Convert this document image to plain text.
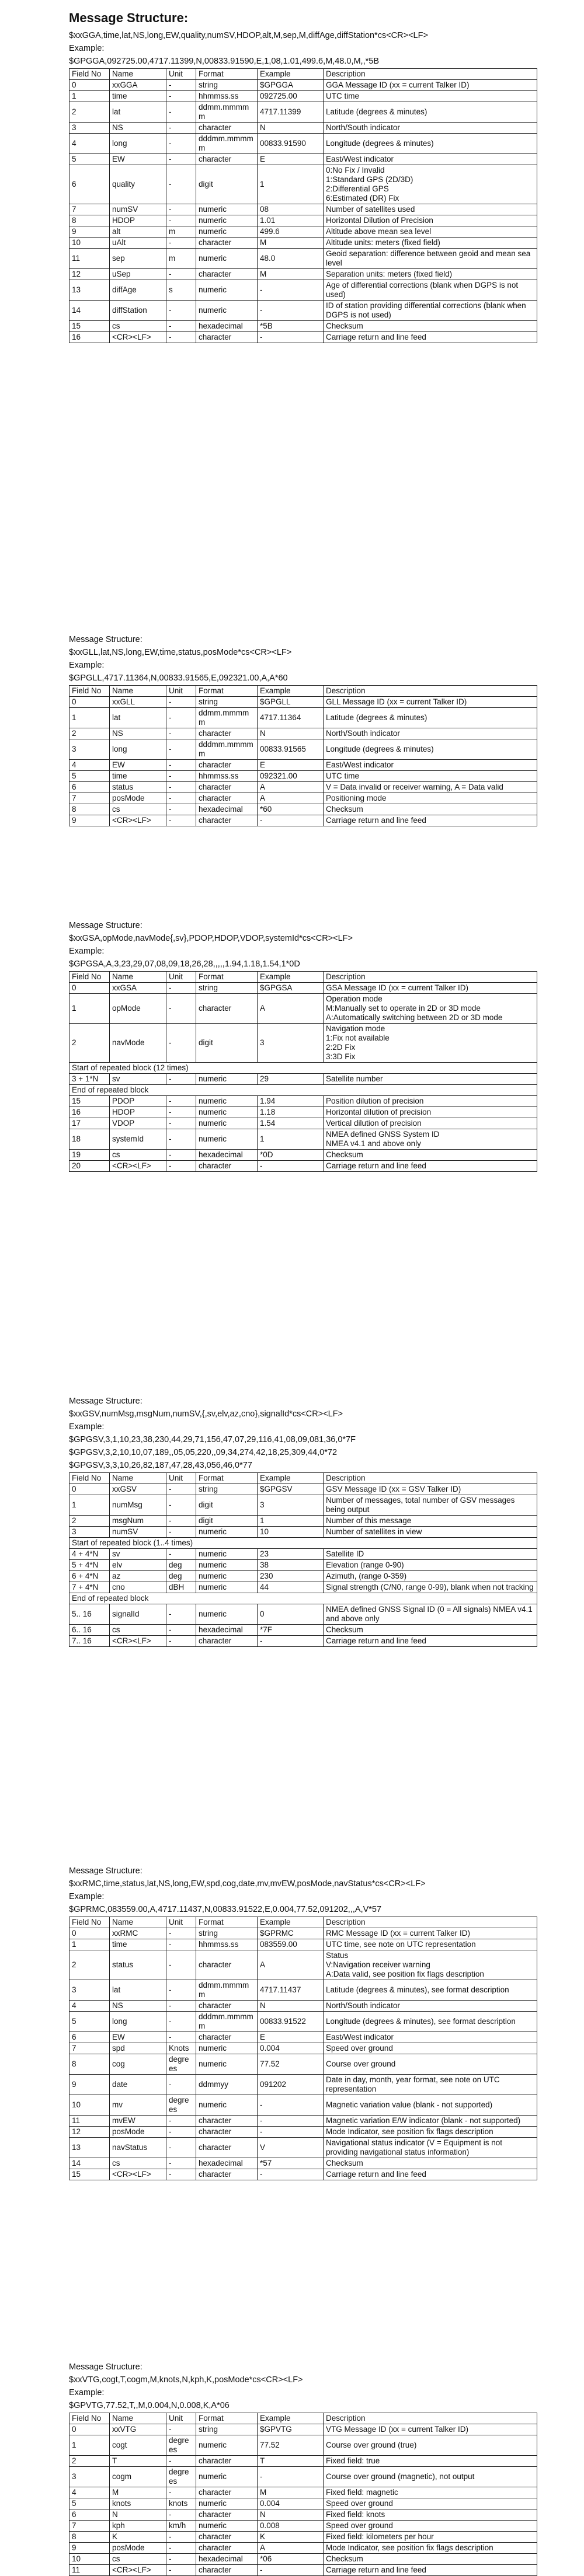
Message Structure:
$xxGGA,time,lat,NS,long,EW,quality,numSV,HDOP,alt,M,sep,M,diffAge,diffStation*cs<CR><LF>
Example:
$GPGGA,092725.00,4717.11399,N,00833.91590,E,1,08,1.01,499.6,M,48.0,M,,*5B
Field No	Name	Unit	Format	Example	Description
0	xxGGA	-	string	$GPGGA	GGA Message ID (xx = current Talker ID)

1	time	-	hhmmss.ss	092725.00	UTC time

2	lat	-	ddmm.mmmmm	4717.11399	Latitude (degrees & minutes)

3	NS	-	character	N	North/South indicator

4	long	-	dddmm.mmmmm	00833.91590	Longitude (degrees & minutes)

5	EW	-	character	E	East/West indicator

6	quality	-	digit	1	0:No Fix / Invalid
1:Standard GPS (2D/3D)
2:Differential GPS
6:Estimated (DR) Fix

7	numSV	-	numeric	08	Number of satellites used

8	HDOP	-	numeric	1.01	Horizontal Dilution of Precision

9	alt	m	numeric	499.6	Altitude above mean sea level

10	uAlt	-	character	M	Altitude units: meters (fixed field)

11	sep	m	numeric	48.0	Geoid separation: difference between geoid and mean sea level

12	uSep	-	character	M	Separation units: meters (fixed field)

13	diffAge	s	numeric	-	Age of differential corrections (blank when DGPS is not used)

14	diffStation	-	numeric	-	ID of station providing differential corrections (blank when DGPS is not used)

15	cs	-	hexadecimal	*5B	Checksum

16	<CR><LF>	-	character	-	Carriage return and line feed
Message Structure:
$xxGLL,lat,NS,long,EW,time,status,posMode*cs<CR><LF>
Example:
$GPGLL,4717.11364,N,00833.91565,E,092321.00,A,A*60
Field No	Name	Unit	Format	Example	Description
0	xxGLL	-	string	$GPGLL	GLL Message ID (xx = current Talker ID)

1	lat	-	ddmm.mmmmm	4717.11364	Latitude (degrees & minutes)

2	NS	-	character	N	North/South indicator

3	long	-	dddmm.mmmmm	00833.91565	Longitude (degrees & minutes)

4	EW	-	character	E	East/West indicator

5	time	-	hhmmss.ss	092321.00	UTC time

6	status	-	character	A	V = Data invalid or receiver warning, A = Data valid

7	posMode	-	character	A	Positioning mode

8	cs	-	hexadecimal	*60	Checksum

9	<CR><LF>	-	character	-	Carriage return and line feed
Message Structure:
$xxGSA,opMode,navMode{,sv},PDOP,HDOP,VDOP,systemId*cs<CR><LF>
Example:
$GPGSA,A,3,23,29,07,08,09,18,26,28,,,,,1.94,1.18,1.54,1*0D
Field No	Name	Unit	Format	Example	Description
0	xxGSA	-	string	$GPGSA	GSA Message ID (xx = current Talker ID)

1	opMode	-	character	A	Operation mode
M:Manually set to operate in 2D or 3D mode
A:Automatically switching between 2D or 3D mode

2	navMode	-	digit	3	Navigation mode
1:Fix not available
2:2D Fix
3:3D Fix

Start of repeated block (12 times)					
3 + 1*N	sv	-	numeric	29	Satellite number

End of repeated block					
15	PDOP	-	numeric	1.94	Position dilution of precision

16	HDOP	-	numeric	1.18	Horizontal dilution of precision

17	VDOP	-	numeric	1.54	Vertical dilution of precision

18	systemId	-	numeric	1	NMEA defined GNSS System ID
NMEA v4.1 and above only

19	cs	-	hexadecimal	*0D	Checksum

20	<CR><LF>	-	character	-	Carriage return and line feed
Message Structure:
$xxGSV,numMsg,msgNum,numSV,{,sv,elv,az,cno},signalId*cs<CR><LF>
Example:
$GPGSV,3,1,10,23,38,230,44,29,71,156,47,07,29,116,41,08,09,081,36,0*7F
$GPGSV,3,2,10,10,07,189,,05,05,220,,09,34,274,42,18,25,309,44,0*72
$GPGSV,3,3,10,26,82,187,47,28,43,056,46,0*77
Field No	Name	Unit	Format	Example	Description
0	xxGSV	-	string	$GPGSV	GSV Message ID (xx = GSV Talker ID)

1	numMsg	-	digit	3	Number of messages, total number of GSV messages being output

2	msgNum	-	digit	1	Number of this message

3	numSV	-	numeric	10	Number of satellites in view

Start of repeated block (1..4 times)					
4 + 4*N	sv	-	numeric	23	Satellite ID

5 + 4*N	elv	deg	numeric	38	Elevation (range 0-90)

6 + 4*N	az	deg	numeric	230	Azimuth, (range 0-359)

7 + 4*N	cno	dBH	numeric	44	Signal strength (C/N0, range 0-99), blank when not tracking

End of repeated block					
5.. 16	signalId	-	numeric	0	NMEA defined GNSS Signal ID (0 = All signals) NMEA v4.1 and above only

6.. 16	cs	-	hexadecimal	*7F	Checksum

7.. 16	<CR><LF>	-	character	-	Carriage return and line feed
Message Structure:
$xxRMC,time,status,lat,NS,long,EW,spd,cog,date,mv,mvEW,posMode,navStatus*cs<CR><LF>
Example:
$GPRMC,083559.00,A,4717.11437,N,00833.91522,E,0.004,77.52,091202,,,A,V*57
Field No	Name	Unit	Format	Example	Description
0	xxRMC	-	string	$GPRMC	RMC Message ID (xx = current Talker ID)

1	time	-	hhmmss.ss	083559.00	UTC time, see note on UTC representation

2	status	-	character	A	Status
V:Navigation receiver warning
A:Data valid, see position fix flags description

3	lat	-	ddmm.mmmmm	4717.11437	Latitude (degrees & minutes), see format description

4	NS	-	character	N	North/South indicator

5	long	-	dddmm.mmmmm	00833.91522	Longitude (degrees & minutes), see format description

6	EW	-	character	E	East/West indicator

7	spd	Knots	numeric	0.004	Speed over ground

8	cog	degrees	numeric	77.52	Course over ground

9	date	-	ddmmyy	091202	Date in day, month, year format, see note on UTC representation

10	mv	degrees	numeric	-	Magnetic variation value (blank - not supported)

11	mvEW	-	character	-	Magnetic variation E/W indicator (blank - not supported)

12	posMode	-	character	-	Mode Indicator, see position fix flags description

13	navStatus	-	character	V	Navigational status indicator (V = Equipment is not providing navigational status information)

14	cs	-	hexadecimal	*57	Checksum

15	<CR><LF>	-	character	-	Carriage return and line feed
Message Structure:
$xxVTG,cogt,T,cogm,M,knots,N,kph,K,posMode*cs<CR><LF>
Example:
$GPVTG,77.52,T,,M,0.004,N,0.008,K,A*06
Field No	Name	Unit	Format	Example	Description
0	xxVTG	-	string	$GPVTG	VTG Message ID (xx = current Talker ID)

1	cogt	degrees	numeric	77.52	Course over ground (true)

2	T	-	character	T	Fixed field: true

3	cogm	degrees	numeric	-	Course over ground (magnetic), not output

4	M	-	character	M	Fixed field: magnetic

5	knots	knots	numeric	0.004	Speed over ground

6	N	-	character	N	Fixed field: knots

7	kph	km/h	numeric	0.008	Speed over ground

8	K	-	character	K	Fixed field: kilometers per hour

9	posMode	-	character	A	Mode Indicator, see position fix flags description

10	cs	-	hexadecimal	*06	Checksum

11	<CR><LF>	-	character	-	Carriage return and line feed
